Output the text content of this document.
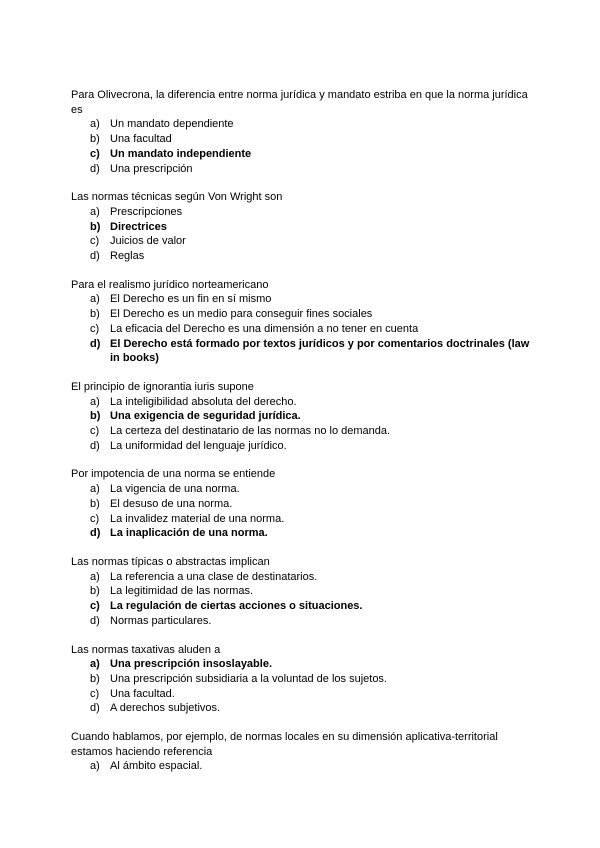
Para Olivecrona, la diferencia entre norma jurídica y mandato estriba en que la norma jurídica es
a) Un mandato dependiente
b) Una facultad
c) Un mandato independiente
d) Una prescripción
Las normas técnicas según Von Wright son
a) Prescripciones
b) Directrices
c) Juicios de valor
d) Reglas
Para el realismo jurídico norteamericano
a) El Derecho es un fin en sí mismo
b) El Derecho es un medio para conseguir fines sociales
c) La eficacia del Derecho es una dimensión a no tener en cuenta
d) El Derecho está formado por textos jurídicos y por comentarios doctrinales (law in books)
El principio de ignorantia iuris supone
a) La inteligibilidad absoluta del derecho.
b) Una exigencia de seguridad jurídica.
c) La certeza del destinatario de las normas no lo demanda.
d) La uniformidad del lenguaje jurídico.
Por impotencia de una norma se entiende
a) La vigencia de una norma.
b) El desuso de una norma.
c) La invalidez material de una norma.
d) La inaplicación de una norma.
Las normas típicas o abstractas implican
a) La referencia a una clase de destinatarios.
b) La legitimidad de las normas.
c) La regulación de ciertas acciones o situaciones.
d) Normas particulares.
Las normas taxativas aluden a
a) Una prescripción insoslayable.
b) Una prescripción subsidiaria a la voluntad de los sujetos.
c) Una facultad.
d) A derechos subjetivos.
Cuando hablamos, por ejemplo, de normas locales en su dimensión aplicativa-territorial estamos haciendo referencia
a) Al ámbito espacial.
